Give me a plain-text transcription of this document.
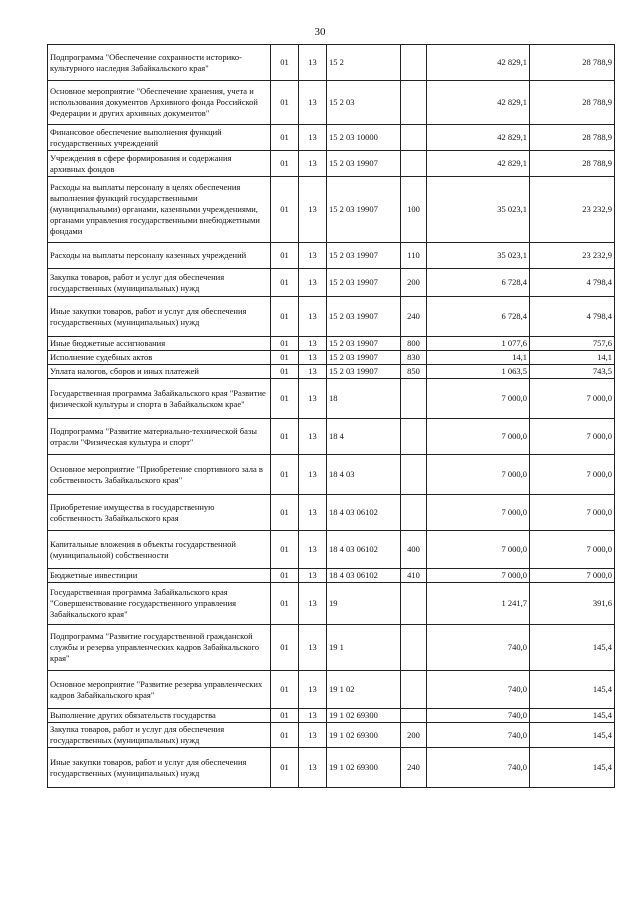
30
Подпрограмма "Обеспечение сохранности историко-культурного наследия Забайкальского края"	01	13	15 2		42 829,1	28 788,9
Основное мероприятие "Обеспечение хранения, учета и использования документов Архивного фонда Российской Федерации и других архивных документов"	01	13	15 2 03		42 829,1	28 788,9
Финансовое обеспечение выполнения функций государственных учреждений	01	13	15 2 03 10000		42 829,1	28 788,9
Учреждения в сфере формирования и содержания архивных фондов	01	13	15 2 03 19907		42 829,1	28 788,9
Расходы на выплаты персоналу в целях обеспечения выполнения функций государственными (муниципальными) органами, казенными учреждениями, органами управления государственными внебюджетными фондами	01	13	15 2 03 19907	100	35 023,1	23 232,9
Расходы на выплаты персоналу казенных учреждений	01	13	15 2 03 19907	110	35 023,1	23 232,9
Закупка товаров, работ и услуг для обеспечения государственных (муниципальных) нужд	01	13	15 2 03 19907	200	6 728,4	4 798,4
Иные закупки товаров, работ и услуг для обеспечения государственных (муниципальных) нужд	01	13	15 2 03 19907	240	6 728,4	4 798,4
Иные бюджетные ассигнования	01	13	15 2 03 19907	800	1 077,6	757,6
Исполнение судебных актов	01	13	15 2 03 19907	830	14,1	14,1
Уплата налогов, сборов и иных платежей	01	13	15 2 03 19907	850	1 063,5	743,5
Государственная программа Забайкальского края "Развитие физической культуры и спорта в Забайкальском крае"	01	13	18		7 000,0	7 000,0
Подпрограмма "Развитие материально-технической базы отрасли "Физическая культура и спорт"	01	13	18 4		7 000,0	7 000,0
Основное мероприятие "Приобретение спортивного зала в собственность Забайкальского края"	01	13	18 4 03		7 000,0	7 000,0
Приобретение имущества в государственную собственность Забайкальского края	01	13	18 4 03 06102		7 000,0	7 000,0
Капитальные вложения в объекты государственной (муниципальной) собственности	01	13	18 4 03 06102	400	7 000,0	7 000,0
Бюджетные инвестиции	01	13	18 4 03 06102	410	7 000,0	7 000,0
Государственная программа Забайкальского края "Совершенствование государственного управления Забайкальского края"	01	13	19		1 241,7	391,6
Подпрограмма "Развитие государственной гражданской службы и резерва управленческих кадров Забайкальского края"	01	13	19 1		740,0	145,4
Основное мероприятие "Развитие резерва управленческих кадров Забайкальского края"	01	13	19 1 02		740,0	145,4
Выполнение других обязательств государства	01	13	19 1 02 69300		740,0	145,4
Закупка товаров, работ и услуг для обеспечения государственных (муниципальных) нужд	01	13	19 1 02 69300	200	740,0	145,4
Иные закупки товаров, работ и услуг для обеспечения государственных (муниципальных) нужд	01	13	19 1 02 69300	240	740,0	145,4
